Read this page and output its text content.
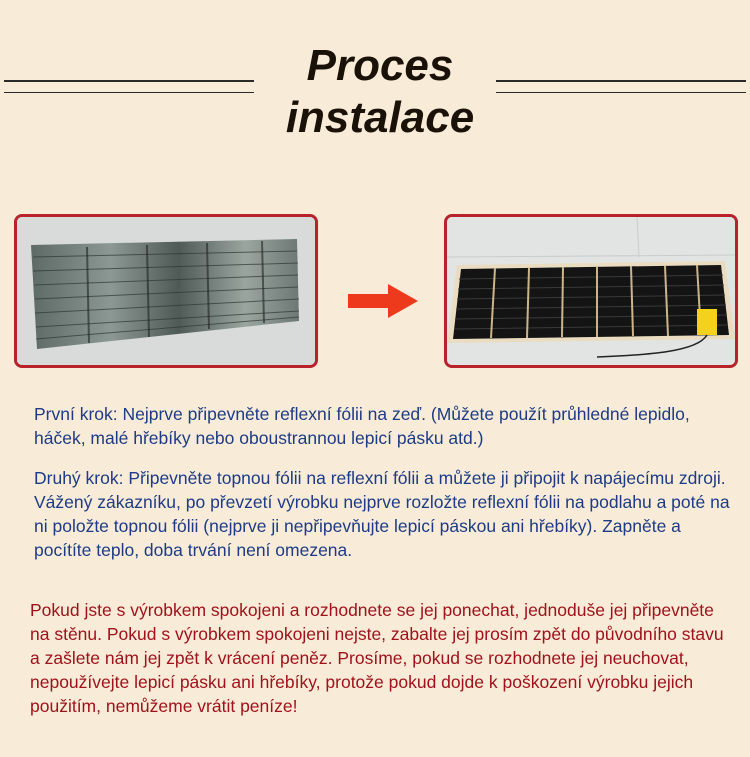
Proces
instalace
První krok: Nejprve připevněte reflexní fólii na zeď. (Můžete použít průhledné lepidlo, háček, malé hřebíky nebo oboustrannou lepicí pásku atd.)
Druhý krok: Připevněte topnou fólii na reflexní fólii a můžete ji připojit k napájecímu zdroji. Vážený zákazníku, po převzetí výrobku nejprve rozložte reflexní fólii na podlahu a poté na ni položte topnou fólii (nejprve ji nepřipevňujte lepicí páskou ani hřebíky). Zapněte a pocítíte teplo, doba trvání není omezena.
Pokud jste s výrobkem spokojeni a rozhodnete se jej ponechat, jednoduše jej připevněte na stěnu. Pokud s výrobkem spokojeni nejste, zabalte jej prosím zpět do původního stavu a zašlete nám jej zpět k vrácení peněz. Prosíme, pokud se rozhodnete jej neuchovat, nepoužívejte lepicí pásku ani hřebíky, protože pokud dojde k poškození výrobku jejich použitím, nemůžeme vrátit peníze!
